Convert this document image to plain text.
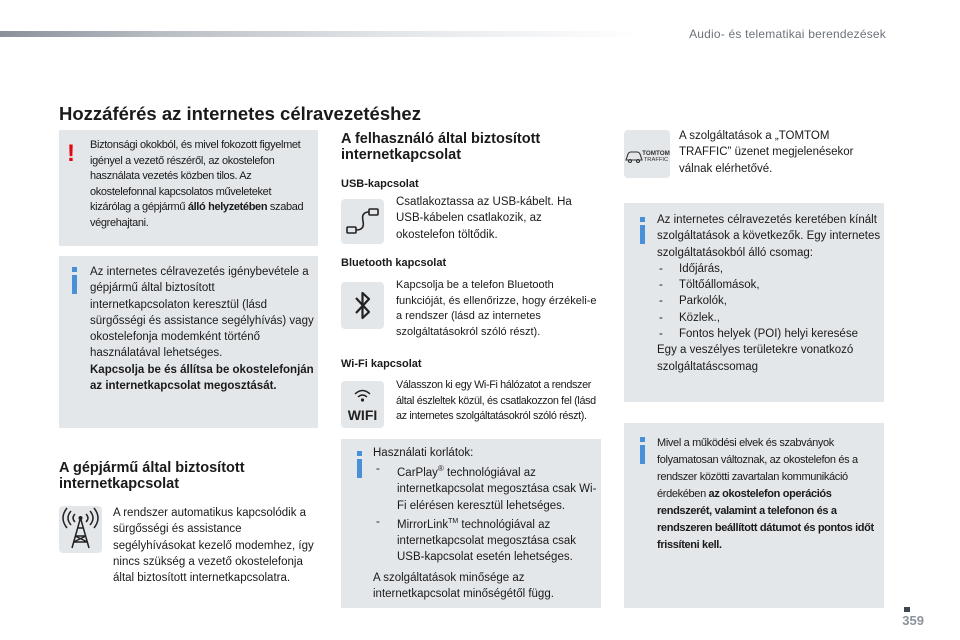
Audio- és telematikai berendezések
359
Hozzáférés az internetes célravezetéshez
! Biztonsági okokból, és mivel fokozott figyelmet igényel a vezető részéről, az okostelefon használata vezetés közben tilos. Az okostelefonnal kapcsolatos műveleteket kizárólag a gépjármű álló helyzetében szabad végrehajtani.

Az internetes célravezetés igénybevétele a gépjármű által biztosított internetkapcsolaton keresztül (lásd sürgősségi és assistance segélyhívás) vagy okostelefonja modemként történő használatával lehetséges.
Kapcsolja be és állítsa be okostelefonján az internetkapcsolat megosztását.

A gépjármű által biztosított internetkapcsolat

A rendszer automatikus kapcsolódik a sürgősségi és assistance segélyhívásokat kezelő modemhez, így nincs szükség a vezető okostelefonja által biztosított internetkapcsolatra.

A felhasználó által biztosított internetkapcsolat
USB-kapcsolat

Csatlakoztassa az USB-kábelt. Ha USB-kábelen csatlakozik, az okostelefon töltődik.

Bluetooth kapcsolat

Kapcsolja be a telefon Bluetooth funkcióját, és ellenőrizze, hogy érzékeli-e a rendszer (lásd az internetes szolgáltatásokról szóló részt).

Wi-Fi kapcsolat
WIFI

Válasszon ki egy Wi-Fi hálózatot a rendszer által észleltek közül, és csatlakozzon fel (lásd az internetes szolgáltatásokról szóló részt).

Használati korlátok:

- CarPlay® technológiával az internetkapcsolat megosztása csak Wi-Fi elérésen keresztül lehetséges.
- MirrorLink™ technológiával az internetkapcsolat megosztása csak USB-kapcsolat esetén lehetséges.

A szolgáltatások minősége az internetkapcsolat minőségétől függ.

TOMTOM
TRAFFIC

A szolgáltatások a „TOMTOM TRAFFIC” üzenet megjelenésekor válnak elérhetővé.

Az internetes célravezetés keretében kínált szolgáltatások a következők. Egy internetes szolgáltatásokból álló csomag:

- Időjárás,
- Töltőállomások,
- Parkolók,
- Közlek.,
- Fontos helyek (POI) helyi keresése

Egy a veszélyes területekre vonatkozó szolgáltatáscsomag

Mivel a működési elvek és szabványok folyamatosan változnak, az okostelefon és a rendszer közötti zavartalan kommunikáció érdekében az okostelefon operációs rendszerét, valamint a telefonon és a rendszeren beállított dátumot és pontos időt frissíteni kell.
